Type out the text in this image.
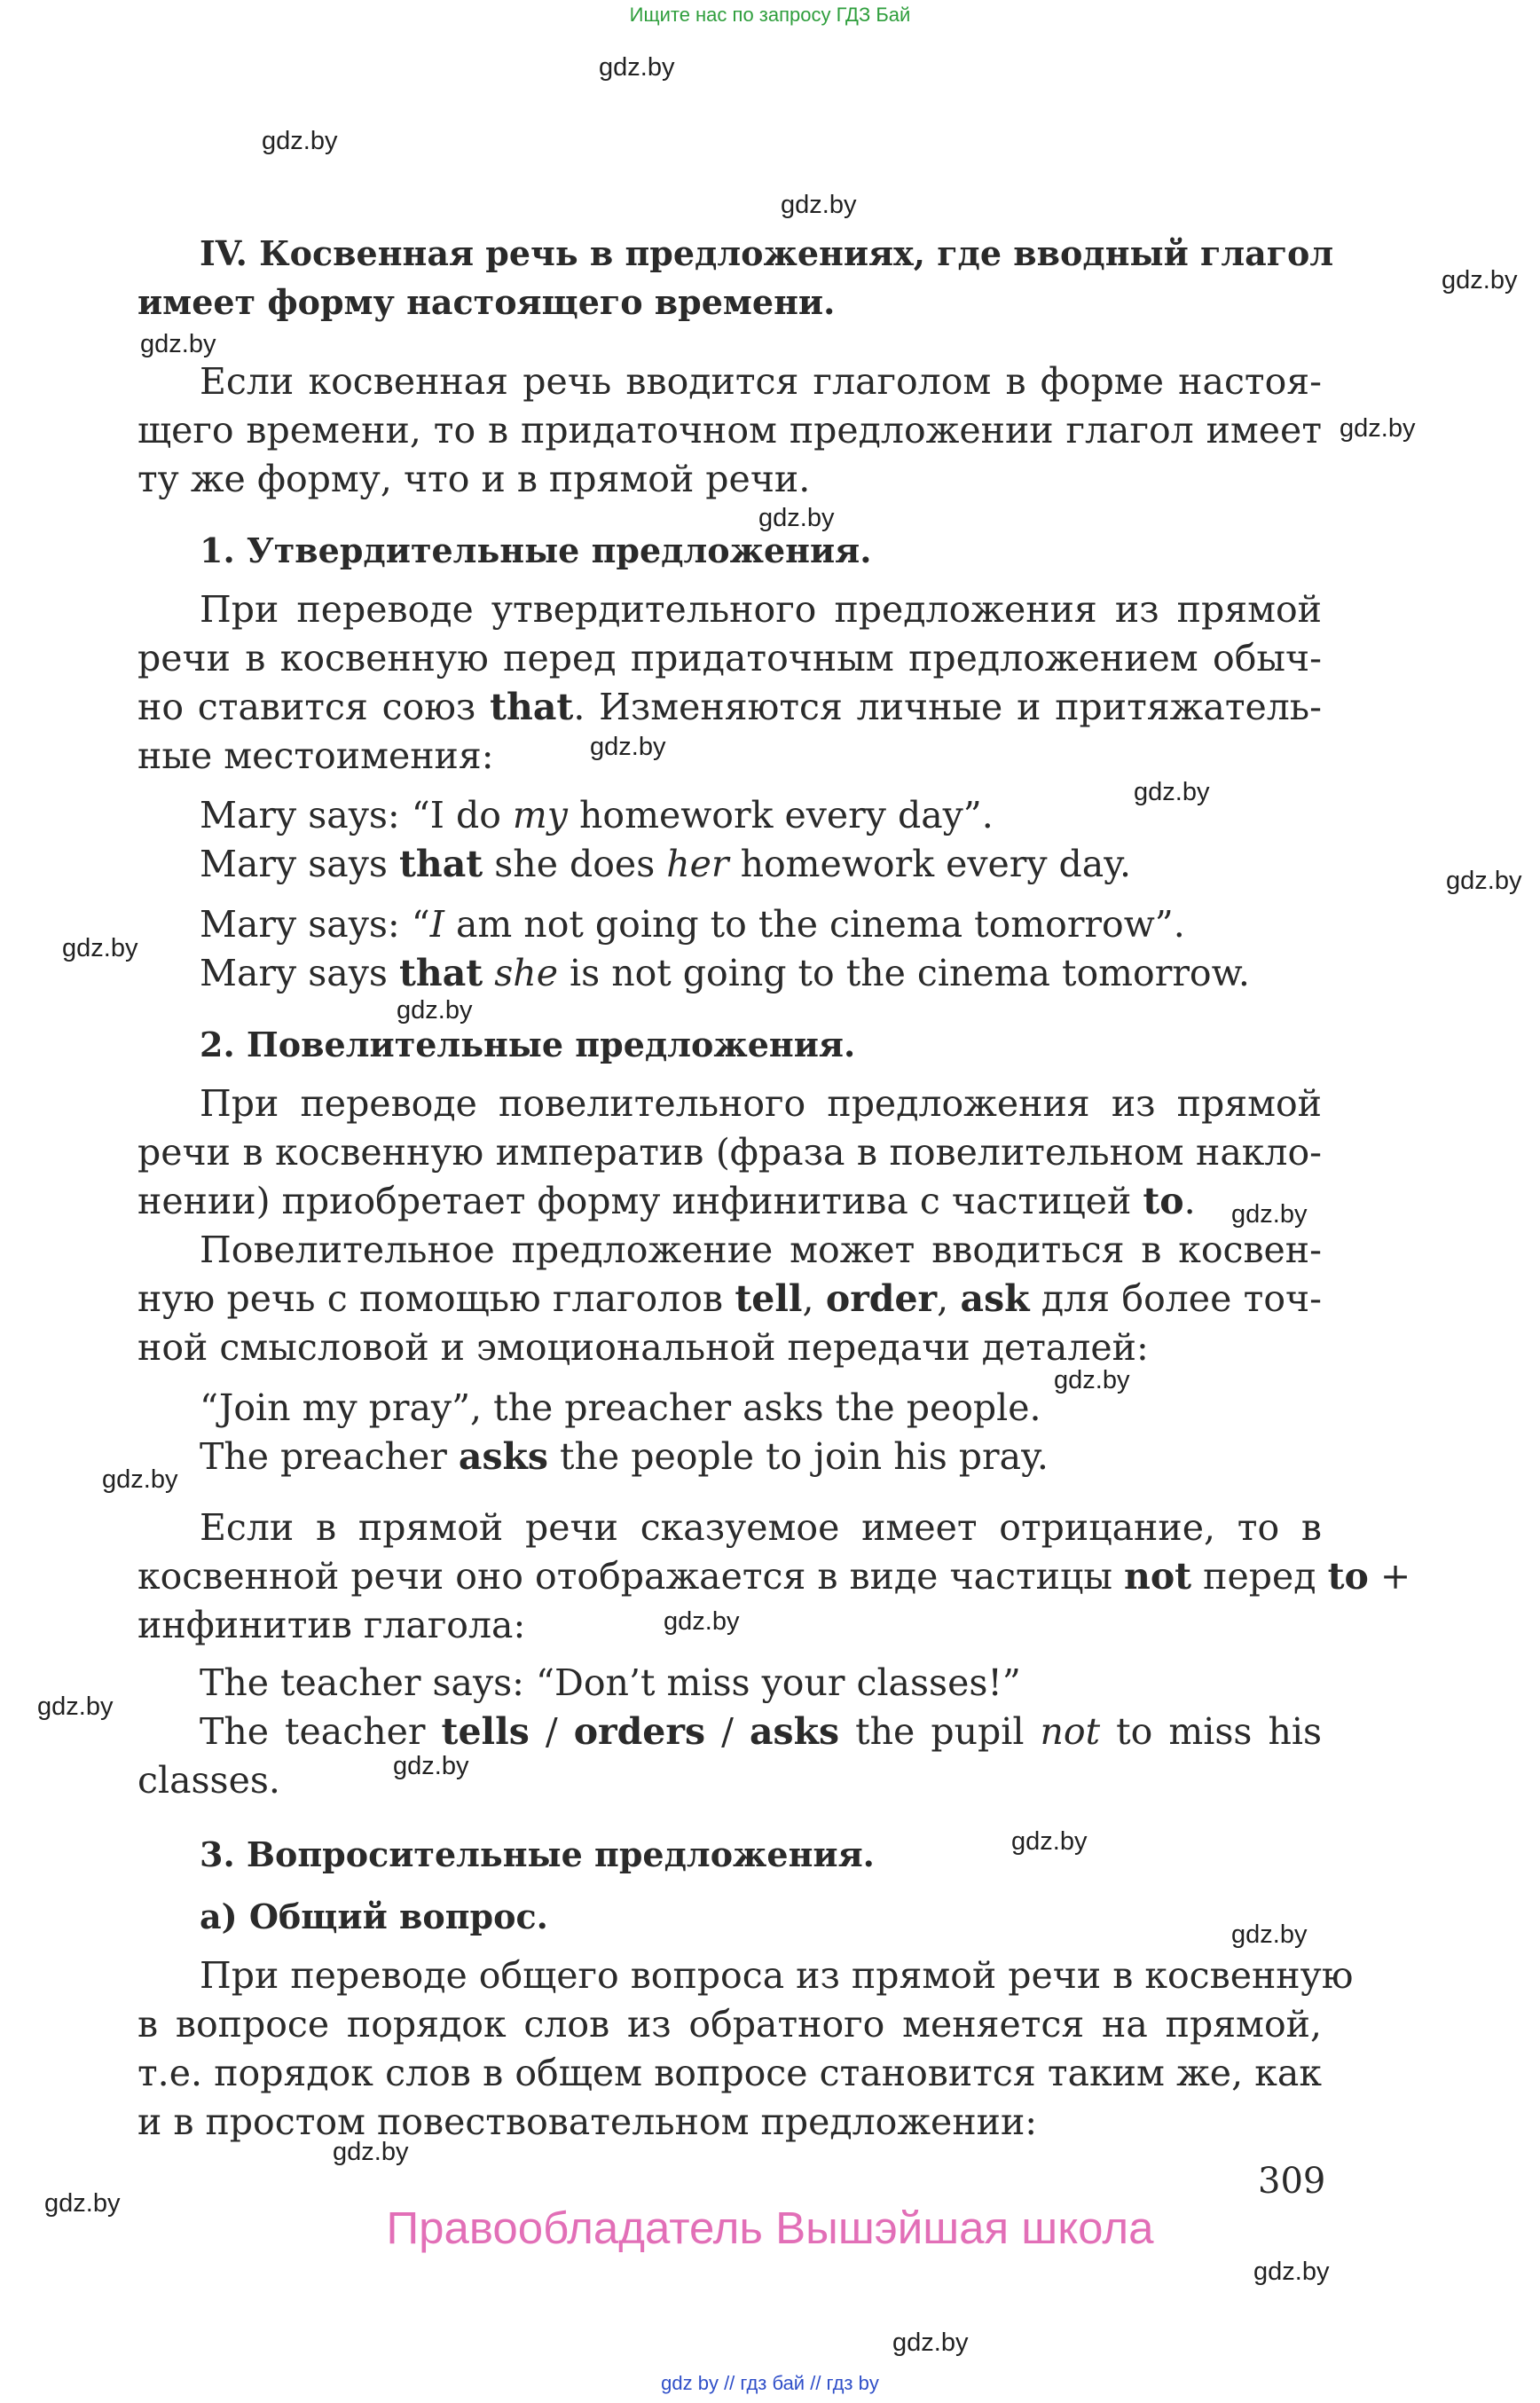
Ищите нас по запросу ГДЗ Бай
gdz.by
gdz.by
gdz.by
gdz.by
gdz.by
gdz.by
gdz.by
gdz.by
gdz.by
gdz.by
gdz.by
gdz.by
gdz.by
gdz.by
gdz.by
gdz.by
gdz.by
gdz.by
gdz.by
gdz.by
gdz.by
gdz.by
gdz.by
gdz.by
IV. Косвенная речь в предложениях, где вводный глагол
имеет форму настоящего времени.
Если косвенная речь вводится глаголом в форме настоя-
щего времени, то в придаточном предложении глагол имеет
ту же форму, что и в прямой речи.
1. Утвердительные предложения.
При переводе утвердительного предложения из прямой
речи в косвенную перед придаточным предложением обыч-
но ставится союз that. Изменяются личные и притяжатель-
ные местоимения:
Mary says: “I do my homework every day”.
Mary says that she does her homework every day.
Mary says: “I am not going to the cinema tomorrow”.
Mary says that she is not going to the cinema tomorrow.
2. Повелительные предложения.
При переводе повелительного предложения из прямой
речи в косвенную императив (фраза в повелительном накло-
нении) приобретает форму инфинитива с частицей to.
Повелительное предложение может вводиться в косвен-
ную речь с помощью глаголов tell, order, ask для более точ-
ной смысловой и эмоциональной передачи деталей:
“Join my pray”, the preacher asks the people.
The preacher asks the people to join his pray.
Если в прямой речи сказуемое имеет отрицание, то в
косвенной речи оно отображается в виде частицы not перед to +
инфинитив глагола:
The teacher says: “Don’t miss your classes!”
The teacher tells / orders / asks the pupil not to miss his
classes.
3. Вопросительные предложения.
а) Общий вопрос.
При переводе общего вопроса из прямой речи в косвенную
в вопросе порядок слов из обратного меняется на прямой,
т.е. порядок слов в общем вопросе становится таким же, как
и в простом повествовательном предложении:
309
Правообладатель Вышэйшая школа
gdz by // гдз бай // гдз by
